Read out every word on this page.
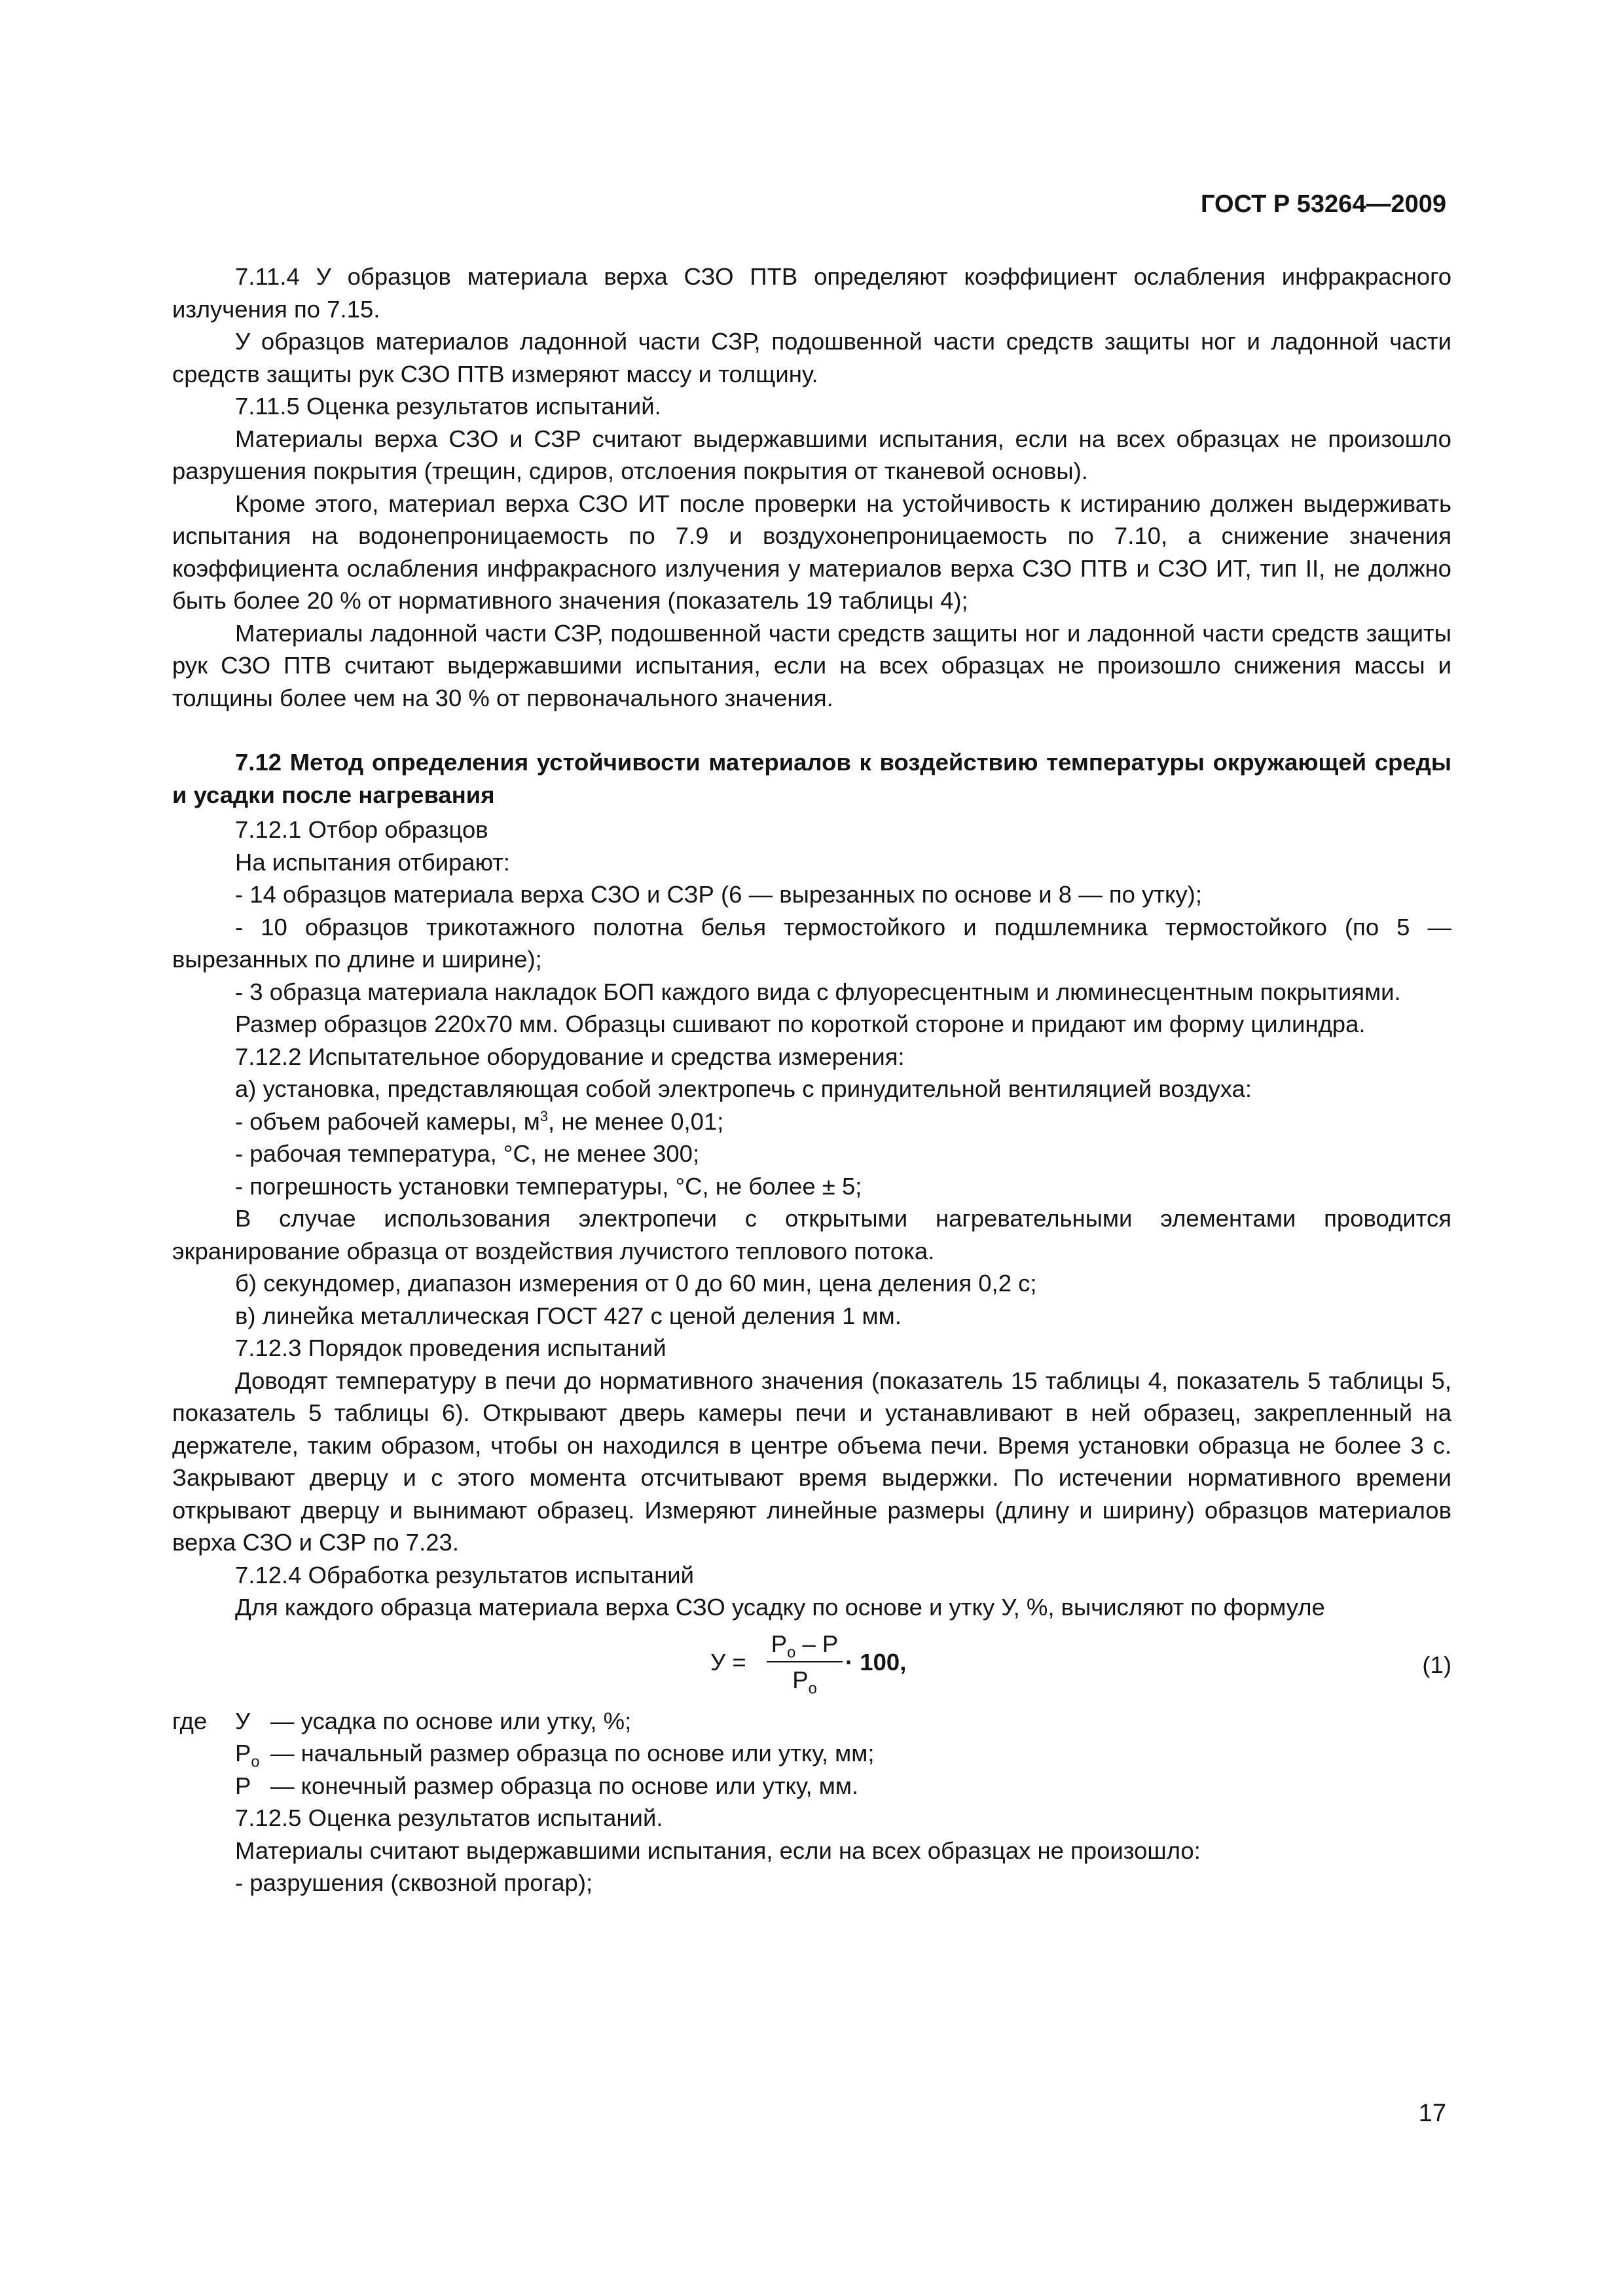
ГОСТ Р 53264—2009

7.11.4 У образцов материала верха СЗО ПТВ определяют коэффициент ослабления инфракрасного излучения по 7.15.

У образцов материалов ладонной части СЗР, подошвенной части средств защиты ног и ладонной части средств защиты рук СЗО ПТВ измеряют массу и толщину.

7.11.5 Оценка результатов испытаний.

Материалы верха СЗО и СЗР считают выдержавшими испытания, если на всех образцах не произошло разрушения покрытия (трещин, сдиров, отслоения покрытия от тканевой основы).

Кроме этого, материал верха СЗО ИТ после проверки на устойчивость к истиранию должен выдерживать испытания на водонепроницаемость по 7.9 и воздухонепроницаемость по 7.10, а снижение значения коэффициента ослабления инфракрасного излучения у материалов верха СЗО ПТВ и СЗО ИТ, тип II, не должно быть более 20 % от нормативного значения (показатель 19 таблицы 4);

Материалы ладонной части СЗР, подошвенной части средств защиты ног и ладонной части средств защиты рук СЗО ПТВ считают выдержавшими испытания, если на всех образцах не произошло снижения массы и толщины более чем на 30 % от первоначального значения.

7.12 Метод определения устойчивости материалов к воздействию температуры окружающей среды и усадки после нагревания

7.12.1 Отбор образцов

На испытания отбирают:

- 14 образцов материала верха СЗО и СЗР (6 — вырезанных по основе и 8 — по утку);

- 10 образцов трикотажного полотна белья термостойкого и подшлемника термостойкого (по 5 — вырезанных по длине и ширине);

- 3 образца материала накладок БОП каждого вида с флуоресцентным и люминесцентным покрытиями.

Размер образцов 220х70 мм. Образцы сшивают по короткой стороне и придают им форму цилиндра.

7.12.2 Испытательное оборудование и средства измерения:

а) установка, представляющая собой электропечь с принудительной вентиляцией воздуха:

- объем рабочей камеры, $м^3$, не менее 0,01;

- рабочая температура, °С, не менее 300;

- погрешность установки температуры, °С, не более ± 5;

В случае использования электропечи с открытыми нагревательными элементами проводится экранирование образца от воздействия лучистого теплового потока.

б) секундомер, диапазон измерения от 0 до 60 мин, цена деления 0,2 с;

в) линейка металлическая ГОСТ 427 с ценой деления 1 мм.

7.12.3 Порядок проведения испытаний

Доводят температуру в печи до нормативного значения (показатель 15 таблицы 4, показатель 5 таблицы 5, показатель 5 таблицы 6). Открывают дверь камеры печи и устанавливают в ней образец, закрепленный на держателе, таким образом, чтобы он находился в центре объема печи. Время установки образца не более 3 с. Закрывают дверцу и с этого момента отсчитывают время выдержки. По истечении нормативного времени открывают дверцу и вынимают образец. Измеряют линейные размеры (длину и ширину) образцов материалов верха СЗО и СЗР по 7.23.

7.12.4 Обработка результатов испытаний

Для каждого образца материала верха СЗО усадку по основе и утку У, %, вычисляют по формуле

У =
$Р_о$ – Р
$Р_о$
· 100,	(1)
где	У — усадка по основе или утку, %;
$Р_о$ — начальный размер образца по основе или утку, мм;
Р — конечный размер образца по основе или утку, мм.

7.12.5 Оценка результатов испытаний.

Материалы считают выдержавшими испытания, если на всех образцах не произошло:

- разрушения (сквозной прогар);

17
